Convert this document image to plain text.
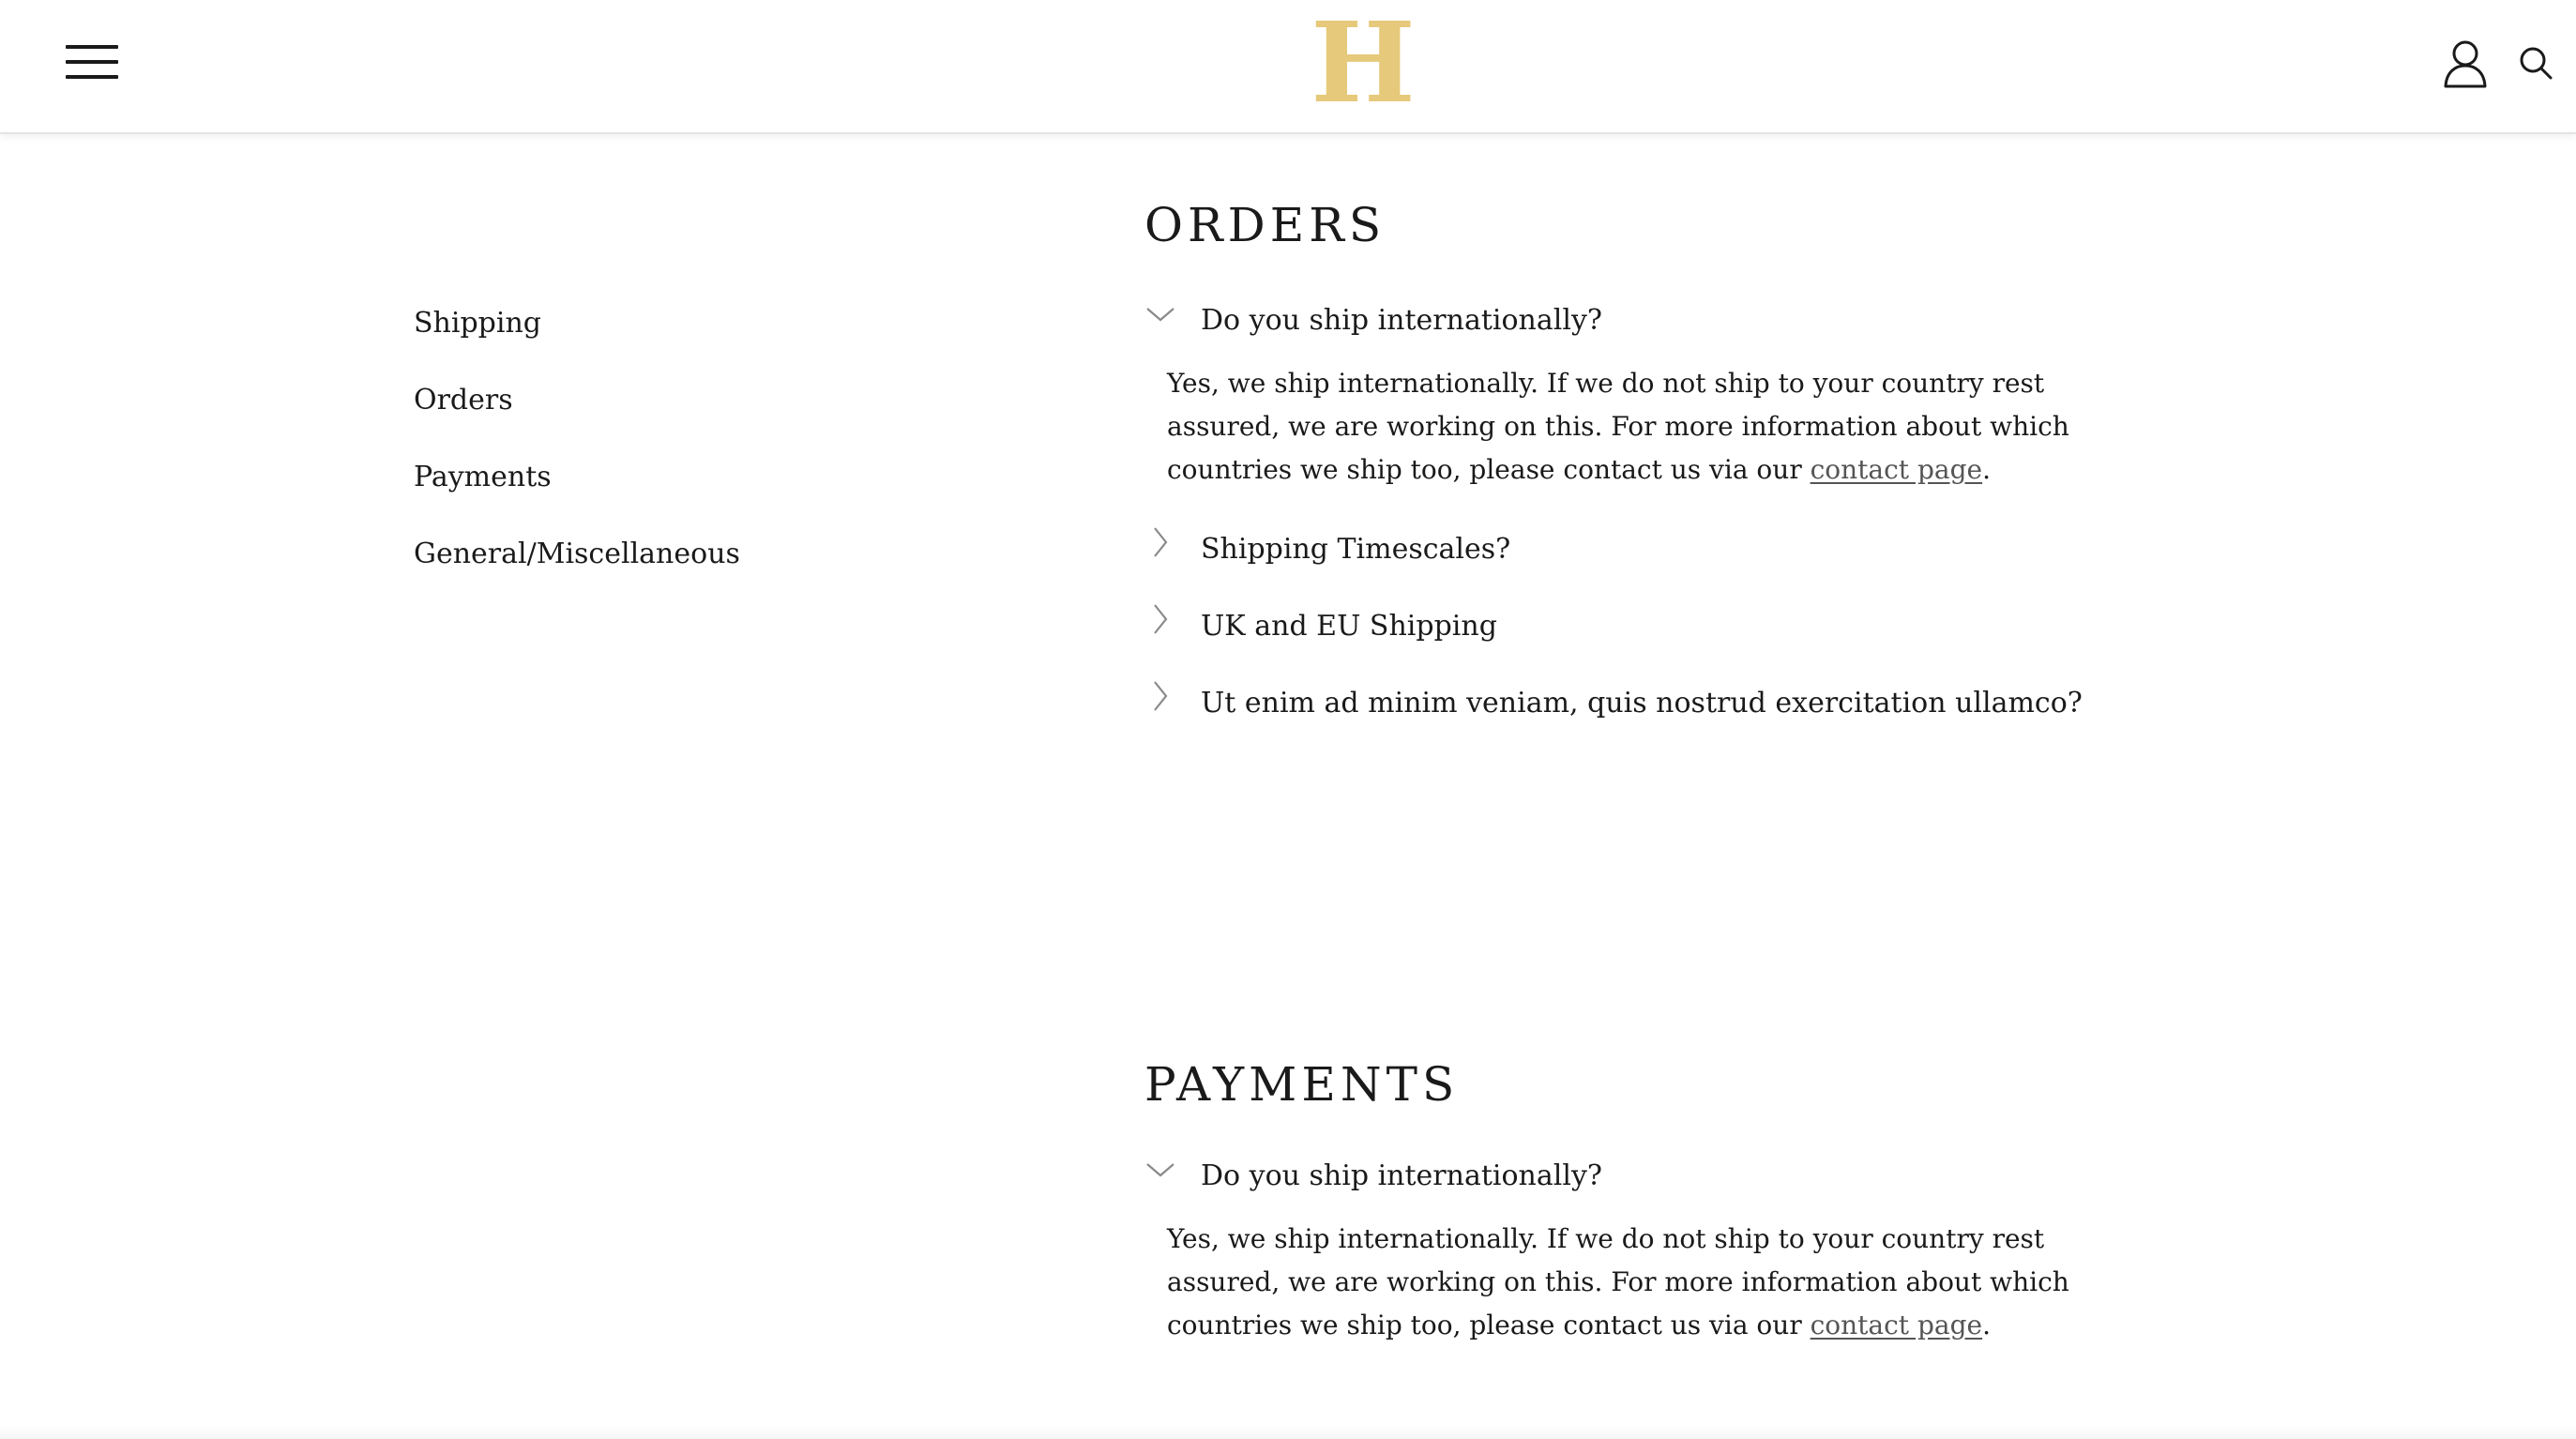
H
Shipping
Orders
Payments
General/Miscellaneous
ORDERS
Do you ship internationally?

Yes, we ship internationally. If we do not ship to your country rest assured, we are working on this. For more information about which countries we ship too, please contact us via our contact page.

Shipping Timescales?
UK and EU Shipping
Ut enim ad minim veniam, quis nostrud exercitation ullamco?
PAYMENTS
Do you ship internationally?

Yes, we ship internationally. If we do not ship to your country rest assured, we are working on this. For more information about which countries we ship too, please contact us via our contact page.
